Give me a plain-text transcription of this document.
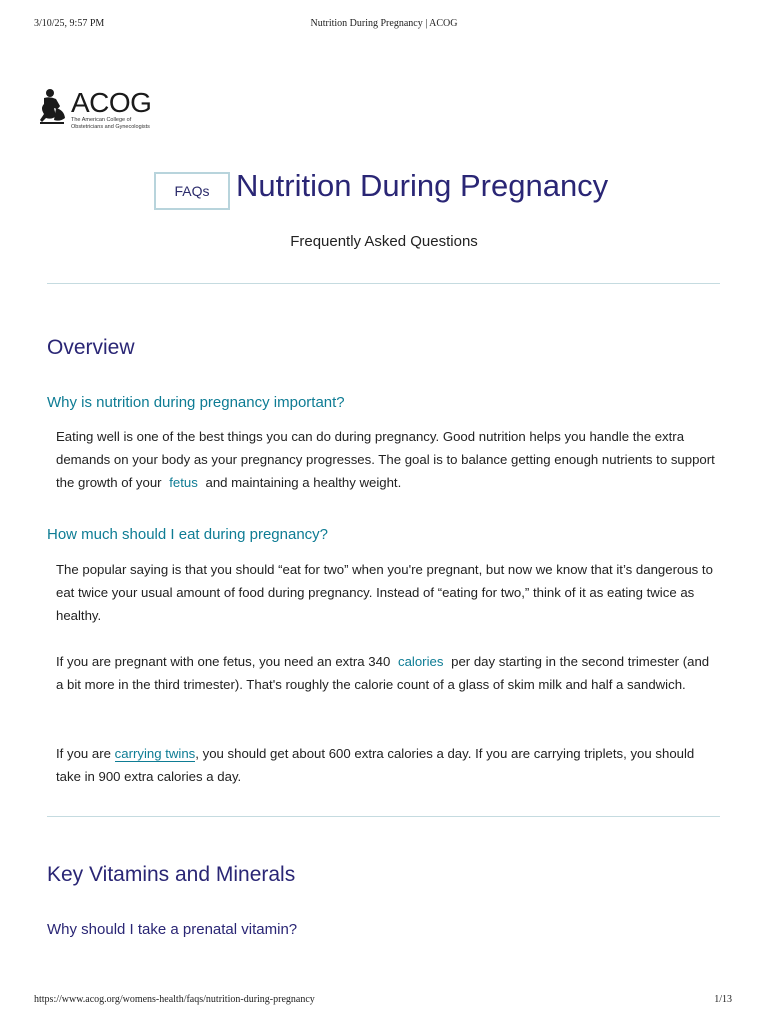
3/10/25, 9:57 PM	Nutrition During Pregnancy | ACOG
ACOG
The American College of
Obstetricians and Gynecologists
FAQs Nutrition During Pregnancy
Frequently Asked Questions
Overview
Why is nutrition during pregnancy important?

Eating well is one of the best things you can do during pregnancy. Good nutrition helps you handle the extra demands on your body as your pregnancy progresses. The goal is to balance getting enough nutrients to support the growth of your fetus and maintaining a healthy weight.

How much should I eat during pregnancy?

The popular saying is that you should “eat for two” when you're pregnant, but now we know that it’s dangerous to eat twice your usual amount of food during pregnancy. Instead of “eating for two,” think of it as eating twice as healthy.

If you are pregnant with one fetus, you need an extra 340 calories per day starting in the second trimester (and a bit more in the third trimester). That's roughly the calorie count of a glass of skim milk and half a sandwich.

If you are carrying twins, you should get about 600 extra calories a day. If you are carrying triplets, you should take in 900 extra calories a day.

Key Vitamins and Minerals
Why should I take a prenatal vitamin?
https://www.acog.org/womens-health/faqs/nutrition-during-pregnancy	1/13
